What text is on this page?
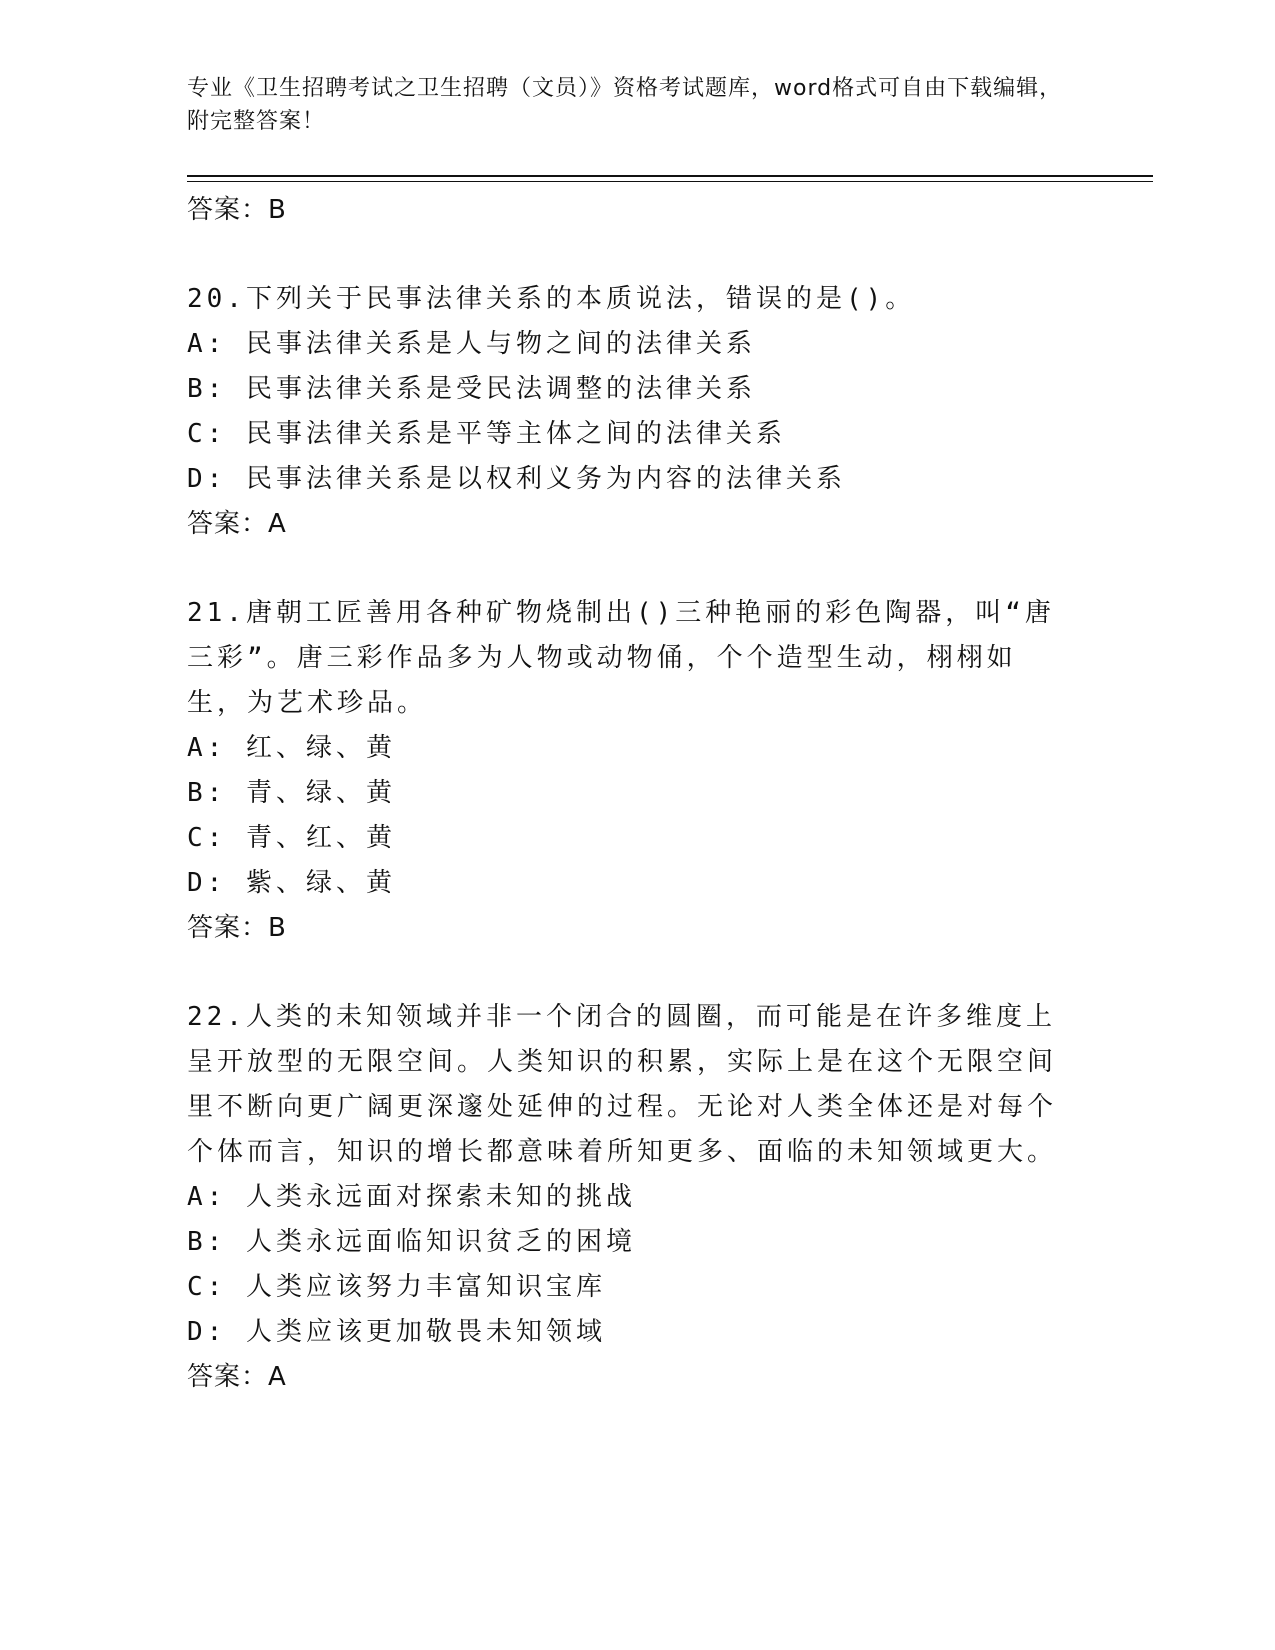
专业《卫生招聘考试之卫生招聘（文员）》资格考试题库，word格式可自由下载编辑，附完整答案！
答案：B
20.下列关于民事法律关系的本质说法，错误的是()。
A: 民事法律关系是人与物之间的法律关系
B: 民事法律关系是受民法调整的法律关系
C: 民事法律关系是平等主体之间的法律关系
D: 民事法律关系是以权利义务为内容的法律关系
答案：A
21.唐朝工匠善用各种矿物烧制出()三种艳丽的彩色陶器，叫“唐三彩”。唐三彩作品多为人物或动物俑，个个造型生动，栩栩如生，为艺术珍品。
A: 红、绿、黄
B: 青、绿、黄
C: 青、红、黄
D: 紫、绿、黄
答案：B
22.人类的未知领域并非一个闭合的圆圈，而可能是在许多维度上呈开放型的无限空间。人类知识的积累，实际上是在这个无限空间里不断向更广阔更深邃处延伸的过程。无论对人类全体还是对每个个体而言，知识的增长都意味着所知更多、面临的未知领域更大。
A: 人类永远面对探索未知的挑战
B: 人类永远面临知识贫乏的困境
C: 人类应该努力丰富知识宝库
D: 人类应该更加敬畏未知领域
答案：A
